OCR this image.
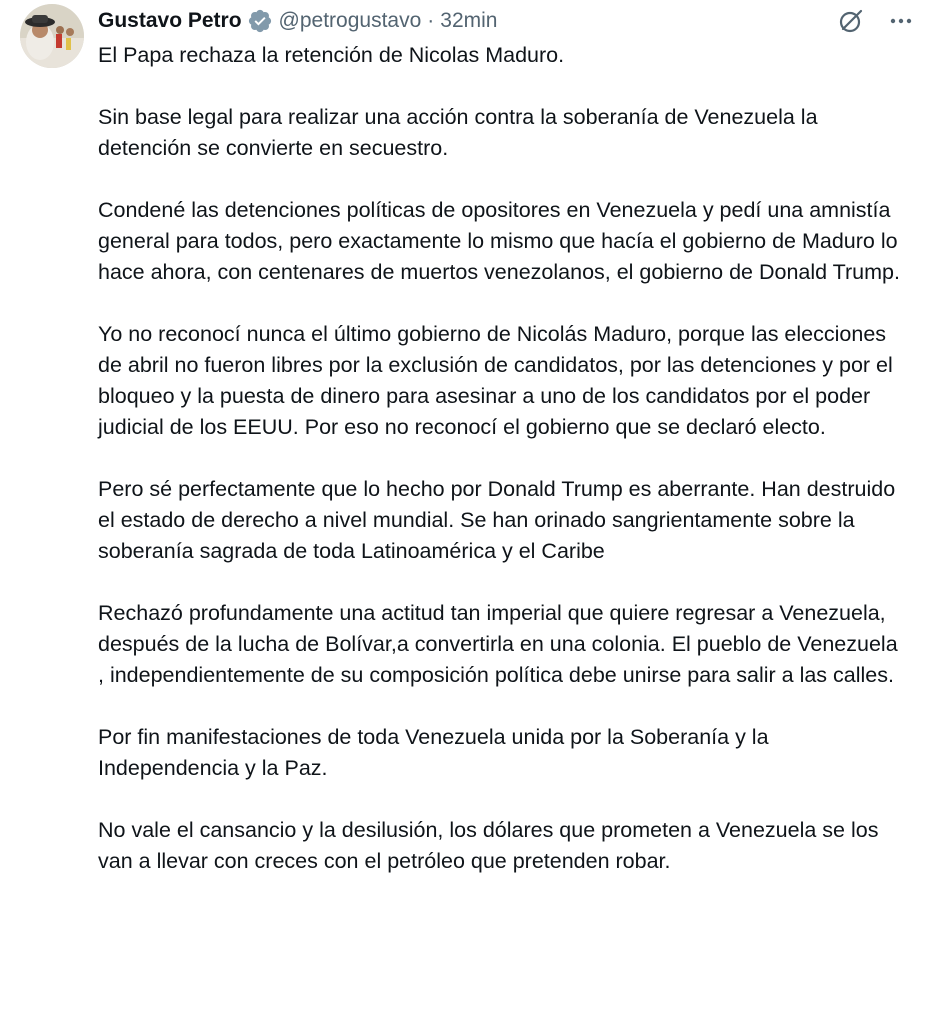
Gustavo Petro @petrogustavo · 32min

El Papa rechaza la retención de Nicolas Maduro.

Sin base legal para realizar una acción contra la soberanía de Venezuela la detención se convierte en secuestro.

Condené las detenciones políticas de opositores en Venezuela y pedí una amnistía general para todos, pero exactamente lo mismo que hacía el gobierno de Maduro lo hace ahora, con centenares de muertos venezolanos, el gobierno de Donald Trump.

Yo no reconocí nunca el último gobierno de Nicolás Maduro, porque las elecciones de abril no fueron libres por la exclusión de candidatos, por las detenciones y por el bloqueo y la puesta de dinero para asesinar a uno de los candidatos por el poder judicial de los EEUU. Por eso no reconocí el gobierno que se declaró electo.

Pero sé perfectamente que lo hecho por Donald Trump es aberrante. Han destruido el estado de derecho a nivel mundial. Se han orinado sangrientamente sobre la soberanía sagrada de toda Latinoamérica y el Caribe

Rechazó profundamente una actitud tan imperial que quiere regresar a Venezuela, después de la lucha de Bolívar,a convertirla en una colonia. El pueblo de Venezuela , independientemente de su composición política debe unirse para salir a las calles.

Por fin manifestaciones de toda Venezuela unida por la Soberanía y la Independencia y la Paz.

No vale el cansancio y la desilusión, los dólares que prometen a Venezuela se los van a llevar con creces con el petróleo que pretenden robar.
